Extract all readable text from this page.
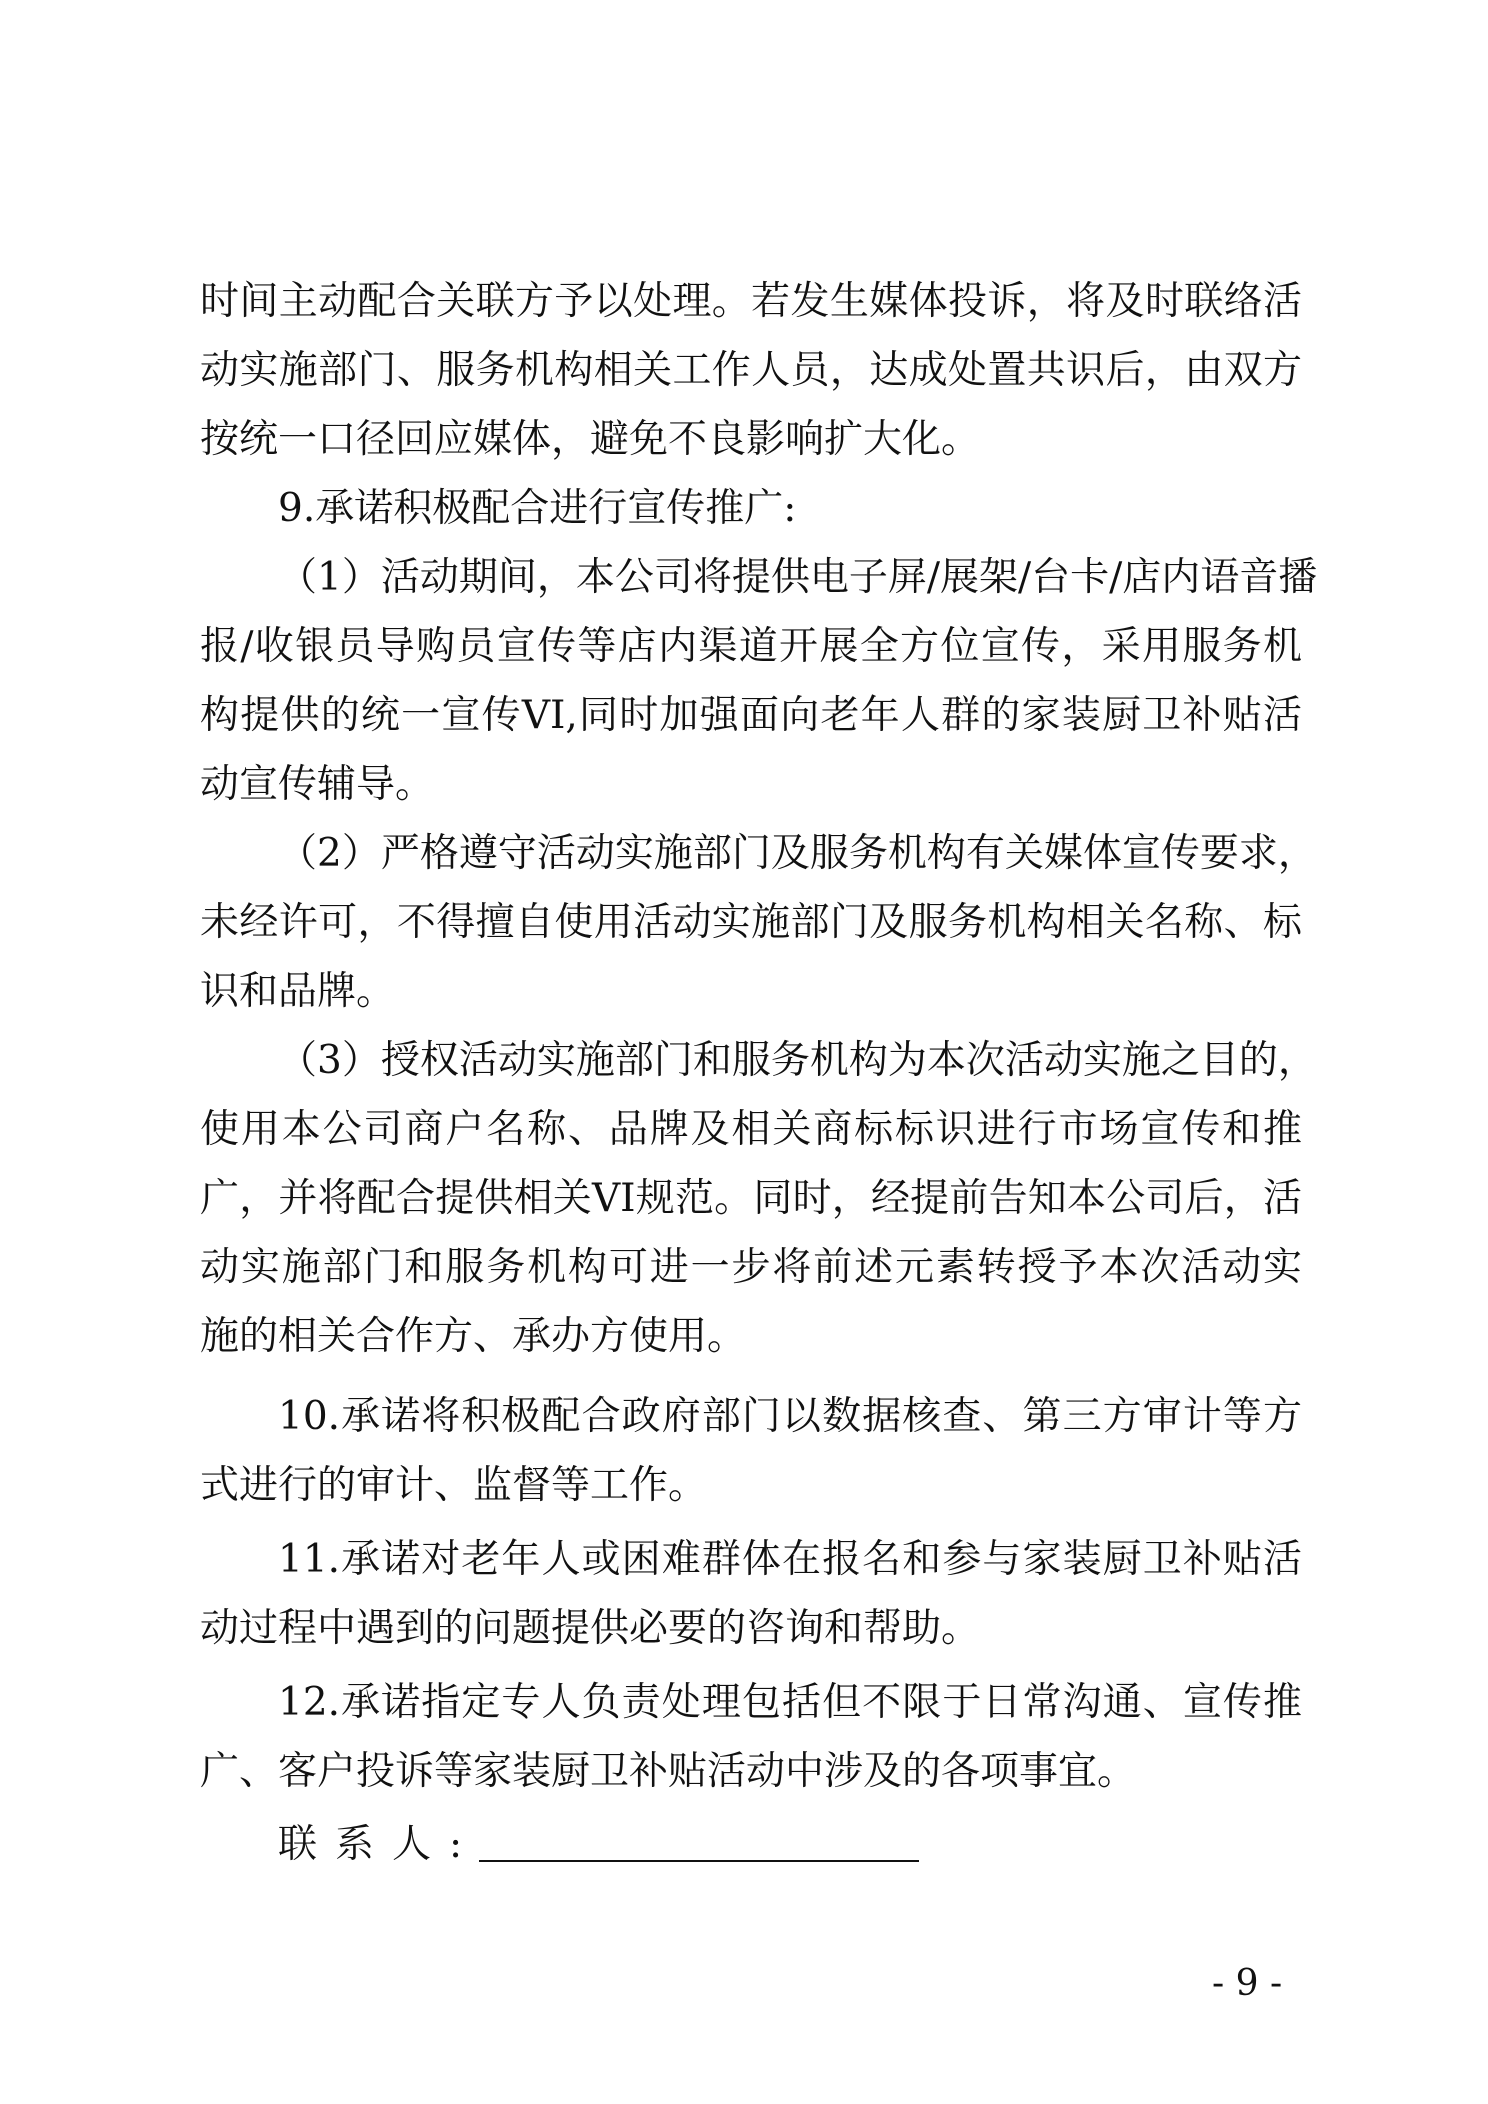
时间主动配合关联方予以处理。若发生媒体投诉，将及时联络活
动实施部门、服务机构相关工作人员，达成处置共识后，由双方
按统一口径回应媒体，避免不良影响扩大化。
9.承诺积极配合进行宣传推广:
（1）活动期间，本公司将提供电子屏/展架/台卡/店内语音播
报/收银员导购员宣传等店内渠道开展全方位宣传，采用服务机
构提供的统一宣传VI,同时加强面向老年人群的家装厨卫补贴活
动宣传辅导。
（2）严格遵守活动实施部门及服务机构有关媒体宣传要求，
未经许可，不得擅自使用活动实施部门及服务机构相关名称、标
识和品牌。
（3）授权活动实施部门和服务机构为本次活动实施之目的，
使用本公司商户名称、品牌及相关商标标识进行市场宣传和推
广，并将配合提供相关VI规范。同时，经提前告知本公司后，活
动实施部门和服务机构可进一步将前述元素转授予本次活动实
施的相关合作方、承办方使用。
10.承诺将积极配合政府部门以数据核查、第三方审计等方
式进行的审计、监督等工作。
11.承诺对老年人或困难群体在报名和参与家装厨卫补贴活
动过程中遇到的问题提供必要的咨询和帮助。
12.承诺指定专人负责处理包括但不限于日常沟通、宣传推
广、客户投诉等家装厨卫补贴活动中涉及的各项事宜。
联系人:
- 9 -
